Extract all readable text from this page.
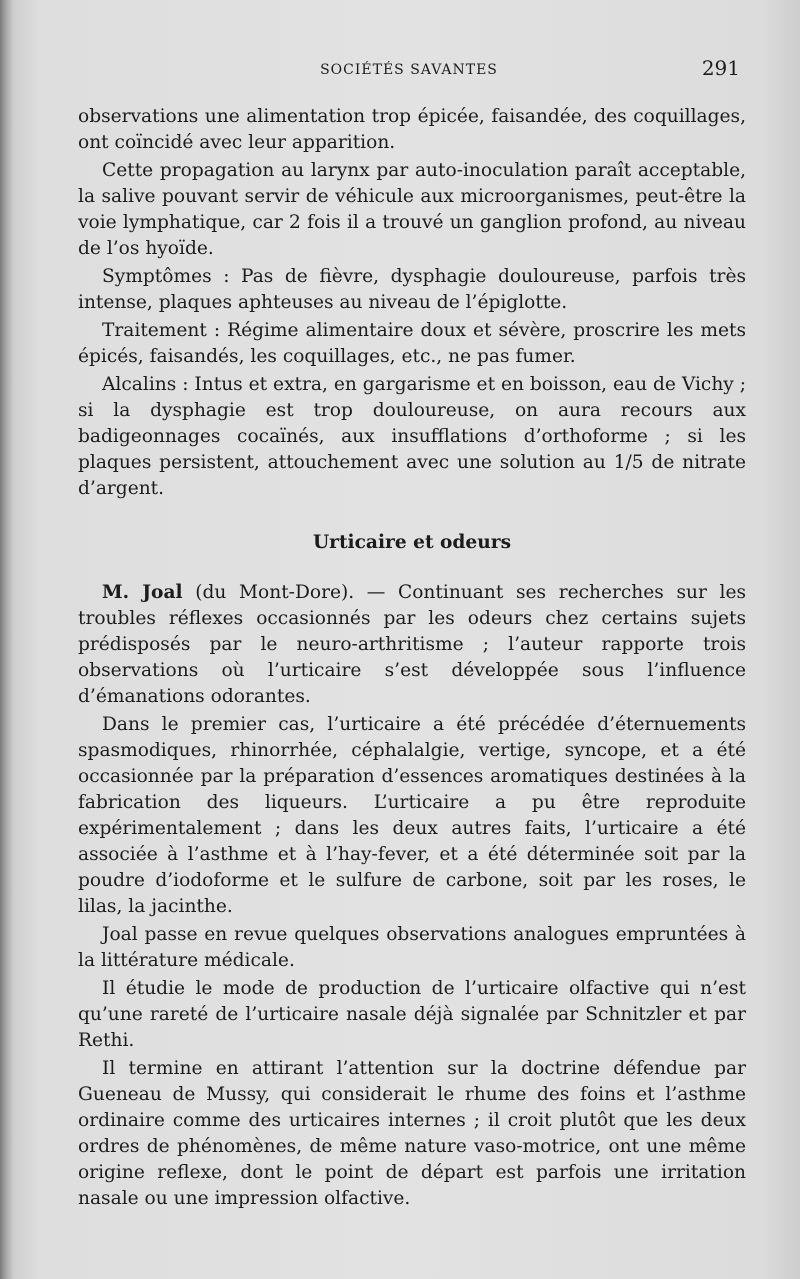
SOCIÉTÉS SAVANTES	291

observations une alimentation trop épicée, faisandée, des coquillages, ont coïncidé avec leur apparition.

Cette propagation au larynx par auto-inoculation paraît acceptable, la salive pouvant servir de véhicule aux microorganismes, peut-être la voie lymphatique, car 2 fois il a trouvé un ganglion profond, au niveau de l’os hyoïde.

Symptômes : Pas de fièvre, dysphagie douloureuse, parfois très intense, plaques aphteuses au niveau de l’épiglotte.

Traitement : Régime alimentaire doux et sévère, proscrire les mets épicés, faisandés, les coquillages, etc., ne pas fumer.

Alcalins : Intus et extra, en gargarisme et en boisson, eau de Vichy ; si la dysphagie est trop douloureuse, on aura recours aux badigeonnages cocaïnés, aux insufflations d’orthoforme ; si les plaques persistent, attouchement avec une solution au 1/5 de nitrate d’argent.

Urticaire et odeurs

M. Joal (du Mont-Dore). — Continuant ses recherches sur les troubles réflexes occasionnés par les odeurs chez certains sujets prédisposés par le neuro-arthritisme ; l’auteur rapporte trois observations où l’urticaire s’est développée sous l’influence d’émanations odorantes.

Dans le premier cas, l’urticaire a été précédée d’éternuements spasmodiques, rhinorrhée, céphalalgie, vertige, syncope, et a été occasionnée par la préparation d’essences aromatiques destinées à la fabrication des liqueurs. L’urticaire a pu être reproduite expérimentalement ; dans les deux autres faits, l’urticaire a été associée à l’asthme et à l’hay-fever, et a été déterminée soit par la poudre d’iodoforme et le sulfure de carbone, soit par les roses, le lilas, la jacinthe.

Joal passe en revue quelques observations analogues empruntées à la littérature médicale.

Il étudie le mode de production de l’urticaire olfactive qui n’est qu’une rareté de l’urticaire nasale déjà signalée par Schnitzler et par Rethi.

Il termine en attirant l’attention sur la doctrine défendue par Gueneau de Mussy, qui considerait le rhume des foins et l’asthme ordinaire comme des urticaires internes ; il croit plutôt que les deux ordres de phénomènes, de même nature vaso-motrice, ont une même origine reflexe, dont le point de départ est parfois une irritation nasale ou une impression olfactive.
